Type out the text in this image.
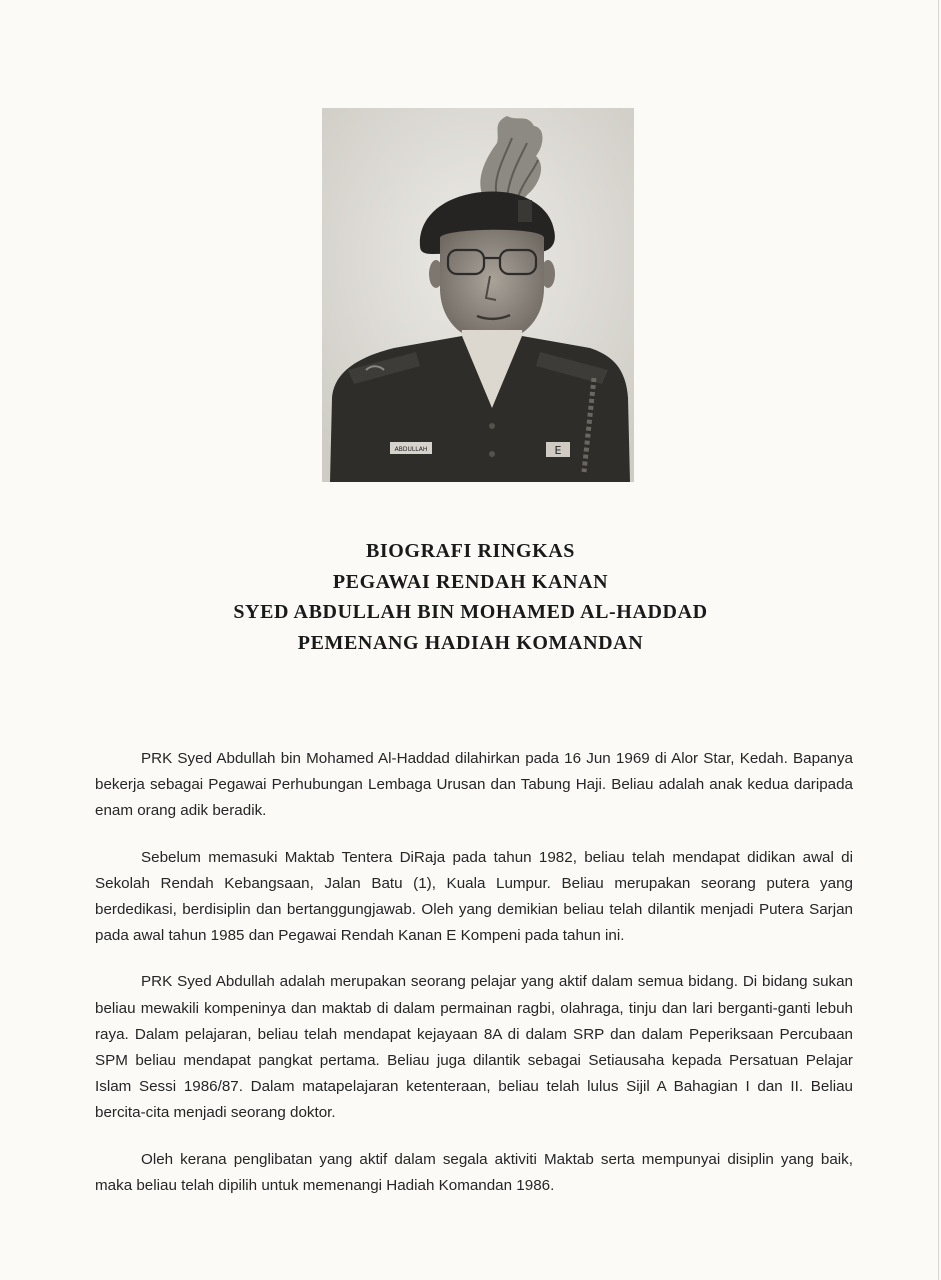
ABDULLAH	E
BIOGRAFI RINGKAS
PEGAWAI RENDAH KANAN
SYED ABDULLAH BIN MOHAMED AL-HADDAD
PEMENANG HADIAH KOMANDAN

PRK Syed Abdullah bin Mohamed Al-Haddad dilahirkan pada 16 Jun 1969 di Alor Star, Kedah. Bapanya bekerja sebagai Pegawai Perhubungan Lembaga Urusan dan Tabung Haji. Beliau adalah anak kedua daripada enam orang adik beradik.

Sebelum memasuki Maktab Tentera DiRaja pada tahun 1982, beliau telah mendapat didikan awal di Sekolah Rendah Kebangsaan, Jalan Batu (1), Kuala Lumpur. Beliau merupakan seorang putera yang berdedikasi, berdisiplin dan bertanggungjawab. Oleh yang demikian beliau telah dilantik menjadi Putera Sarjan pada awal tahun 1985 dan Pegawai Rendah Kanan E Kompeni pada tahun ini.

PRK Syed Abdullah adalah merupakan seorang pelajar yang aktif dalam semua bidang. Di bidang sukan beliau mewakili kompeninya dan maktab di dalam permainan ragbi, olahraga, tinju dan lari berganti-ganti lebuh raya. Dalam pelajaran, beliau telah mendapat kejayaan 8A di dalam SRP dan dalam Peperiksaan Percubaan SPM beliau mendapat pangkat pertama. Beliau juga dilantik sebagai Setiausaha kepada Persatuan Pelajar Islam Sessi 1986/87. Dalam matapelajaran ketenteraan, beliau telah lulus Sijil A Bahagian I dan II. Beliau bercita-cita menjadi seorang doktor.

Oleh kerana penglibatan yang aktif dalam segala aktiviti Maktab serta mempunyai disiplin yang baik, maka beliau telah dipilih untuk memenangi Hadiah Komandan 1986.
